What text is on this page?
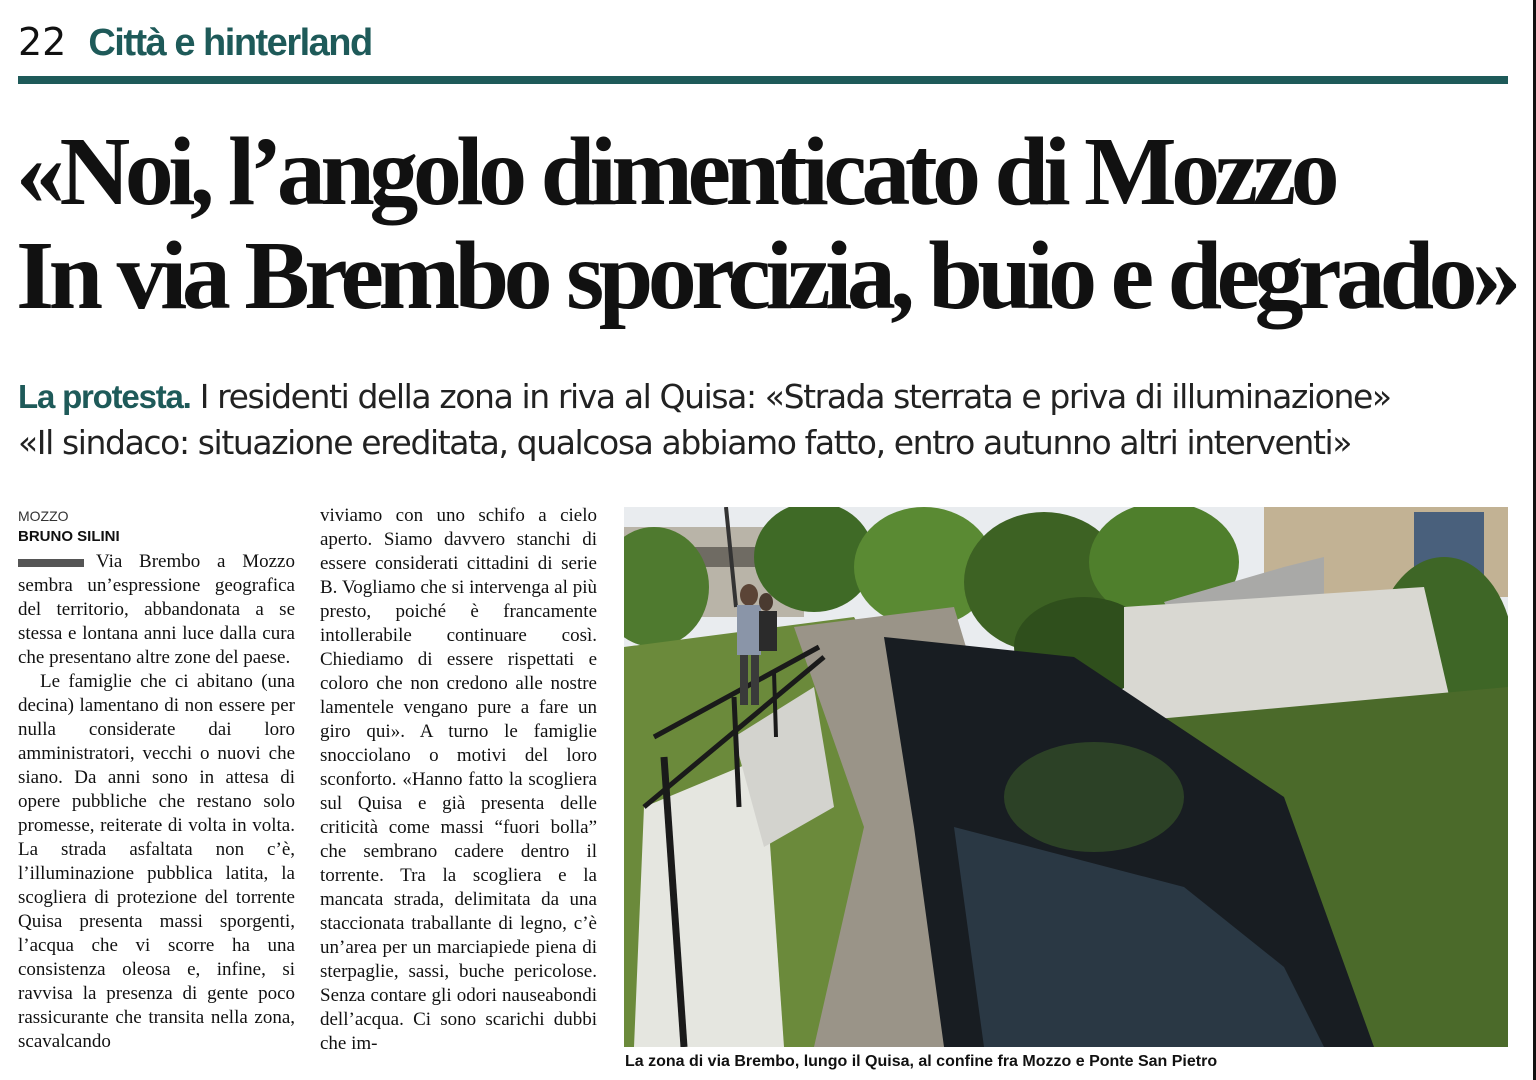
22 Città e hinterland
«Noi, l’angolo dimenticato di Mozzo
In via Brembo sporcizia, buio e degrado»
La protesta. I residenti della zona in riva al Quisa: «Strada sterrata e priva di illuminazione»
«Il sindaco: situazione ereditata, qualcosa abbiamo fatto, entro autunno altri interventi»
MOZZO
BRUNO SILINI

Via Brembo a Mozzo sembra un’espressione geografica del territorio, abbandonata a se stessa e lontana anni luce dalla cura che presentano altre zone del paese.

Le famiglie che ci abitano (una decina) lamentano di non essere per nulla considerate dai loro amministratori, vecchi o nuovi che siano. Da anni sono in attesa di opere pubbliche che restano solo promesse, reiterate di volta in volta. La strada asfaltata non c’è, l’illuminazione pubblica latita, la scogliera di protezione del torrente Quisa presenta massi sporgenti, l’acqua che vi scorre ha una consistenza oleosa e, infine, si ravvisa la presenza di gente poco rassicurante che transita nella zona, scavalcando

viviamo con uno schifo a cielo aperto. Siamo davvero stanchi di essere considerati cittadini di serie B. Vogliamo che si intervenga al più presto, poiché è francamente intollerabile continuare così. Chiediamo di essere rispettati e coloro che non credono alle nostre lamentele vengano pure a fare un giro qui». A turno le famiglie snocciolano o motivi del loro sconforto. «Hanno fatto la scogliera sul Quisa e già presenta delle criticità come massi “fuori bolla” che sembrano cadere dentro il torrente. Tra la scogliera e la mancata strada, delimitata da una staccionata traballante di legno, c’è un’area per un marciapiede piena di sterpaglie, sassi, buche pericolose. Senza contare gli odori nauseabondi dell’acqua. Ci sono scarichi dubbi che im-

La zona di via Brembo, lungo il Quisa, al confine fra Mozzo e Ponte San Pietro
